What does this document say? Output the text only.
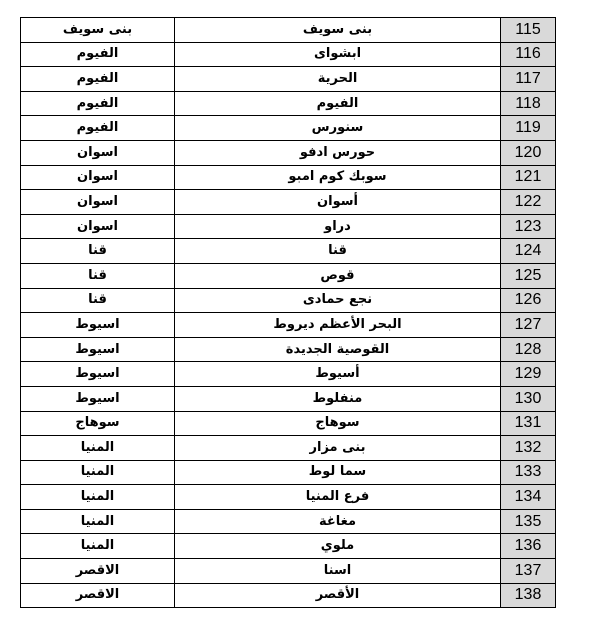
بنى سويف	بنى سويف	115
الفيوم	ابشواى	116
الفيوم	الحرية	117
الفيوم	الفيوم	118
الفيوم	سنورس	119
اسوان	حورس ادفو	120
اسوان	سوبك كوم امبو	121
اسوان	أسوان	122
اسوان	دراو	123
قنا	قنا	124
قنا	قوص	125
قنا	نجع حمادى	126
اسيوط	البحر الأعظم ديروط	127
اسيوط	القوصية الجديدة	128
اسيوط	أسيوط	129
اسيوط	منفلوط	130
سوهاج	سوهاج	131
المنيا	بنى مزار	132
المنيا	سما لوط	133
المنيا	فرع المنيا	134
المنيا	مغاغة	135
المنيا	ملوي	136
الاقصر	اسنا	137
الاقصر	الأقصر	138
